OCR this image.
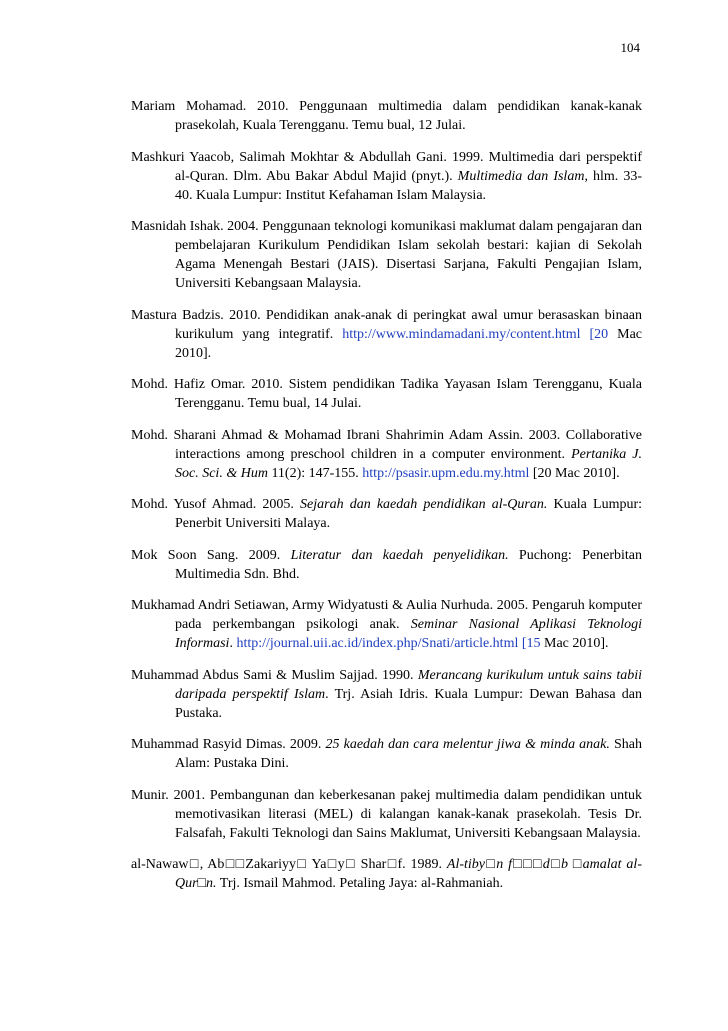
104

Mariam Mohamad. 2010. Penggunaan multimedia dalam pendidikan kanak-kanak prasekolah, Kuala Terengganu. Temu bual, 12 Julai.

Mashkuri Yaacob, Salimah Mokhtar & Abdullah Gani. 1999. Multimedia dari perspektif al-Quran. Dlm. Abu Bakar Abdul Majid (pnyt.). Multimedia dan Islam, hlm. 33-40. Kuala Lumpur: Institut Kefahaman Islam Malaysia.

Masnidah Ishak. 2004. Penggunaan teknologi komunikasi maklumat dalam pengajaran dan pembelajaran Kurikulum Pendidikan Islam sekolah bestari: kajian di Sekolah Agama Menengah Bestari (JAIS). Disertasi Sarjana, Fakulti Pengajian Islam, Universiti Kebangsaan Malaysia.

Mastura Badzis. 2010. Pendidikan anak-anak di peringkat awal umur berasaskan binaan kurikulum yang integratif. http://www.mindamadani.my/content.html [20 Mac 2010].

Mohd. Hafiz Omar. 2010. Sistem pendidikan Tadika Yayasan Islam Terengganu, Kuala Terengganu. Temu bual, 14 Julai.

Mohd. Sharani Ahmad & Mohamad Ibrani Shahrimin Adam Assin. 2003. Collaborative interactions among preschool children in a computer environment. Pertanika J. Soc. Sci. & Hum 11(2): 147-155. http://psasir.upm.edu.my.html [20 Mac 2010].

Mohd. Yusof Ahmad. 2005. Sejarah dan kaedah pendidikan al-Quran. Kuala Lumpur: Penerbit Universiti Malaya.

Mok Soon Sang. 2009. Literatur dan kaedah penyelidikan. Puchong: Penerbitan Multimedia Sdn. Bhd.

Mukhamad Andri Setiawan, Army Widyatusti & Aulia Nurhuda. 2005. Pengaruh komputer pada perkembangan psikologi anak. Seminar Nasional Aplikasi Teknologi Informasi. http://journal.uii.ac.id/index.php/Snati/article.html [15 Mac 2010].

Muhammad Abdus Sami & Muslim Sajjad. 1990. Merancang kurikulum untuk sains tabii daripada perspektif Islam. Trj. Asiah Idris. Kuala Lumpur: Dewan Bahasa dan Pustaka.

Muhammad Rasyid Dimas. 2009. 25 kaedah dan cara melentur jiwa & minda anak. Shah Alam: Pustaka Dini.

Munir. 2001. Pembangunan dan keberkesanan pakej multimedia dalam pendidikan untuk memotivasikan literasi (MEL) di kalangan kanak-kanak prasekolah. Tesis Dr. Falsafah, Fakulti Teknologi dan Sains Maklumat, Universiti Kebangsaan Malaysia.

al-Nawaw□, Ab□□Zakariyy□ Ya□y□ Shar□f. 1989. Al-tiby□n f□□□d□b □amalat al-Qur□n. Trj. Ismail Mahmod. Petaling Jaya: al-Rahmaniah.
